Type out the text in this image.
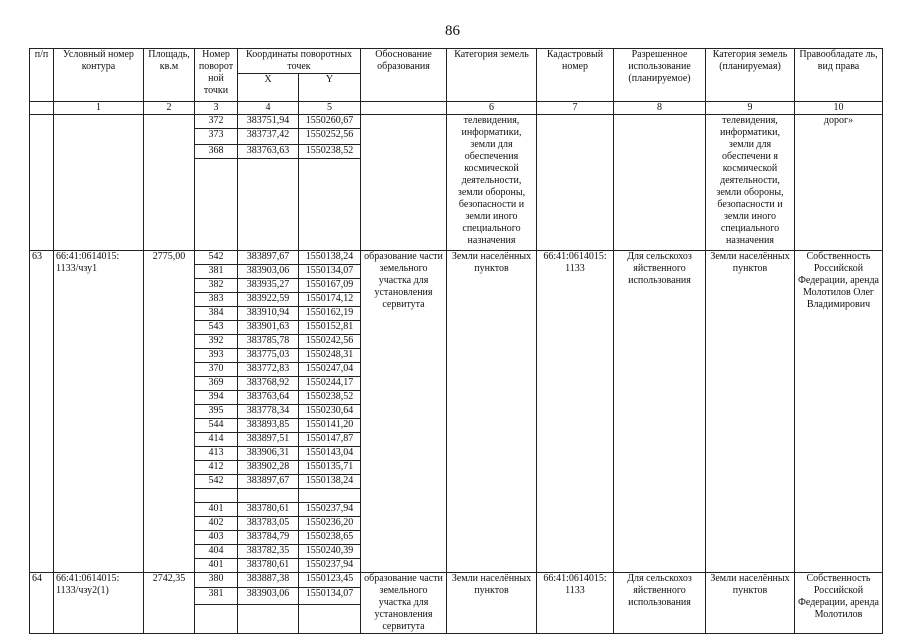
86
п/п	Условный номер контура	Площадь, кв.м	Номер поворот ной точки	Координаты поворотных точек		Обоснование образования	Категория земель	Кадастровый номер	Разрешенное использование (планируемое)	Категория земель (планируемая)	Правообладате ль, вид права
				X	Y						
	1	2	3	4	5		6	7	8	9	10
			372	383751,94	1550260,67		телевидения, информатики, земли для обеспечения космической деятельности, земли обороны, безопасности и земли иного специального назначения			телевидения, информатики, земли для обеспечени я космической деятельности, земли обороны, безопасности и земли иного специального назначения	дорог»
			373	383737,42	1550252,56						
			368	383763,63	1550238,52						

63	66:41:0614015: 1133/чзу1	2775,00	542	383897,67	1550138,24	образование части земельного участка для установления сервитута	Земли населённых пунктов	66:41:0614015: 1133	Для сельскохоз яйственного использования	Земли населённых пунктов	Собственность Российской Федерации, аренда Молотилов Олег Владимирович
			381	383903,06	1550134,07						
			382	383935,27	1550167,09						
			383	383922,59	1550174,12						
			384	383910,94	1550162,19						
			543	383901,63	1550152,81						
			392	383785,78	1550242,56						
			393	383775,03	1550248,31						
			370	383772,83	1550247,04						
			369	383768,92	1550244,17						
			394	383763,64	1550238,52						
			395	383778,34	1550230,64						
			544	383893,85	1550141,20						
			414	383897,51	1550147,87						
			413	383906,31	1550143,04						
			412	383902,28	1550135,71						
			542	383897,67	1550138,24						

			401	383780,61	1550237,94						
			402	383783,05	1550236,20						
			403	383784,79	1550238,65						
			404	383782,35	1550240,39						
			401	383780,61	1550237,94						
64	66:41:0614015: 1133/чзу2(1)	2742,35	380	383887,38	1550123,45	образование части земельного участка для установления сервитута	Земли населённых пунктов	66:41:0614015: 1133	Для сельскохоз яйственного использования	Земли населённых пунктов	Собственность Российской Федерации, аренда Молотилов
			381	383903,06	1550134,07						
